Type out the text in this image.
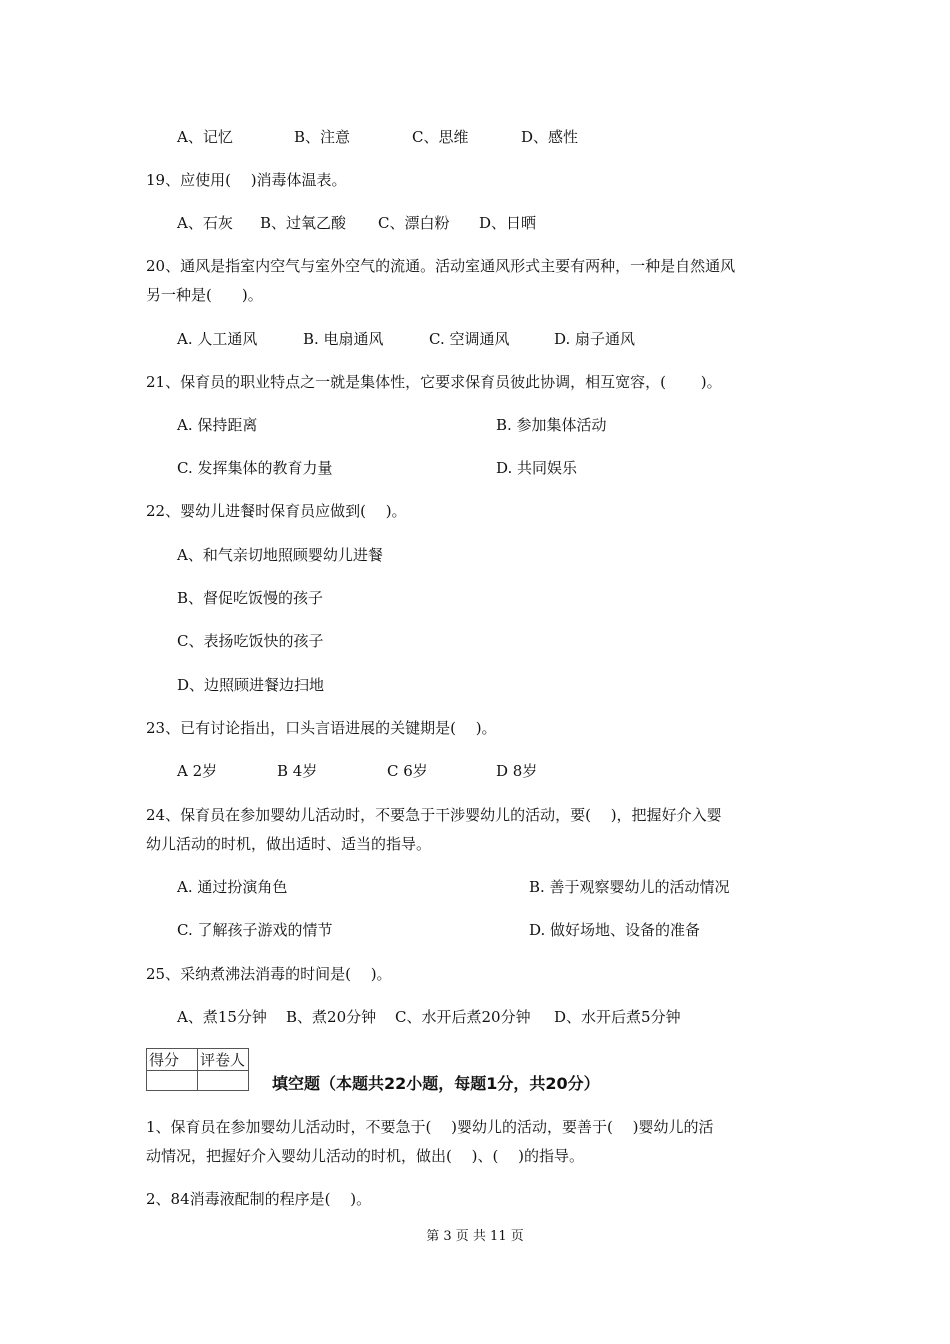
A、记忆	B、注意	C、思维	D、感性
19、应使用(　 )消毒体温表。
A、石灰 B、过氧乙酸 C、漂白粉 D、日晒
20、通风是指室内空气与室外空气的流通。活动室通风形式主要有两种，一种是自然通风
另一种是(　　)。
A. 人工通风	B. 电扇通风	C. 空调通风	D. 扇子通风
21、保育员的职业特点之一就是集体性，它要求保育员彼此协调，相互宽容，(　　 )。
A. 保持距离	B. 参加集体活动
C. 发挥集体的教育力量	D. 共同娱乐
22、婴幼儿进餐时保育员应做到(　 )。
A、和气亲切地照顾婴幼儿进餐
B、督促吃饭慢的孩子
C、表扬吃饭快的孩子
D、边照顾进餐边扫地
23、已有讨论指出，口头言语进展的关键期是(　 )。
A 2岁	B 4岁	C 6岁	D 8岁
24、保育员在参加婴幼儿活动时，不要急于干涉婴幼儿的活动，要(　 )，把握好介入婴
幼儿活动的时机，做出适时、适当的指导。
A. 通过扮演角色	B. 善于观察婴幼儿的活动情况
C. 了解孩子游戏的情节	D. 做好场地、设备的准备
25、采纳煮沸法消毒的时间是(　 )。
A、煮15分钟 B、煮20分钟 C、水开后煮20分钟 D、水开后煮5分钟
得分	评卷人

填空题（本题共22小题，每题1分，共20分）
1、保育员在参加婴幼儿活动时，不要急于(　 )婴幼儿的活动，要善于(　 )婴幼儿的活
动情况，把握好介入婴幼儿活动的时机，做出(　 )、(　 )的指导。
2、84消毒液配制的程序是(　 )。
第 3 页 共 11 页
